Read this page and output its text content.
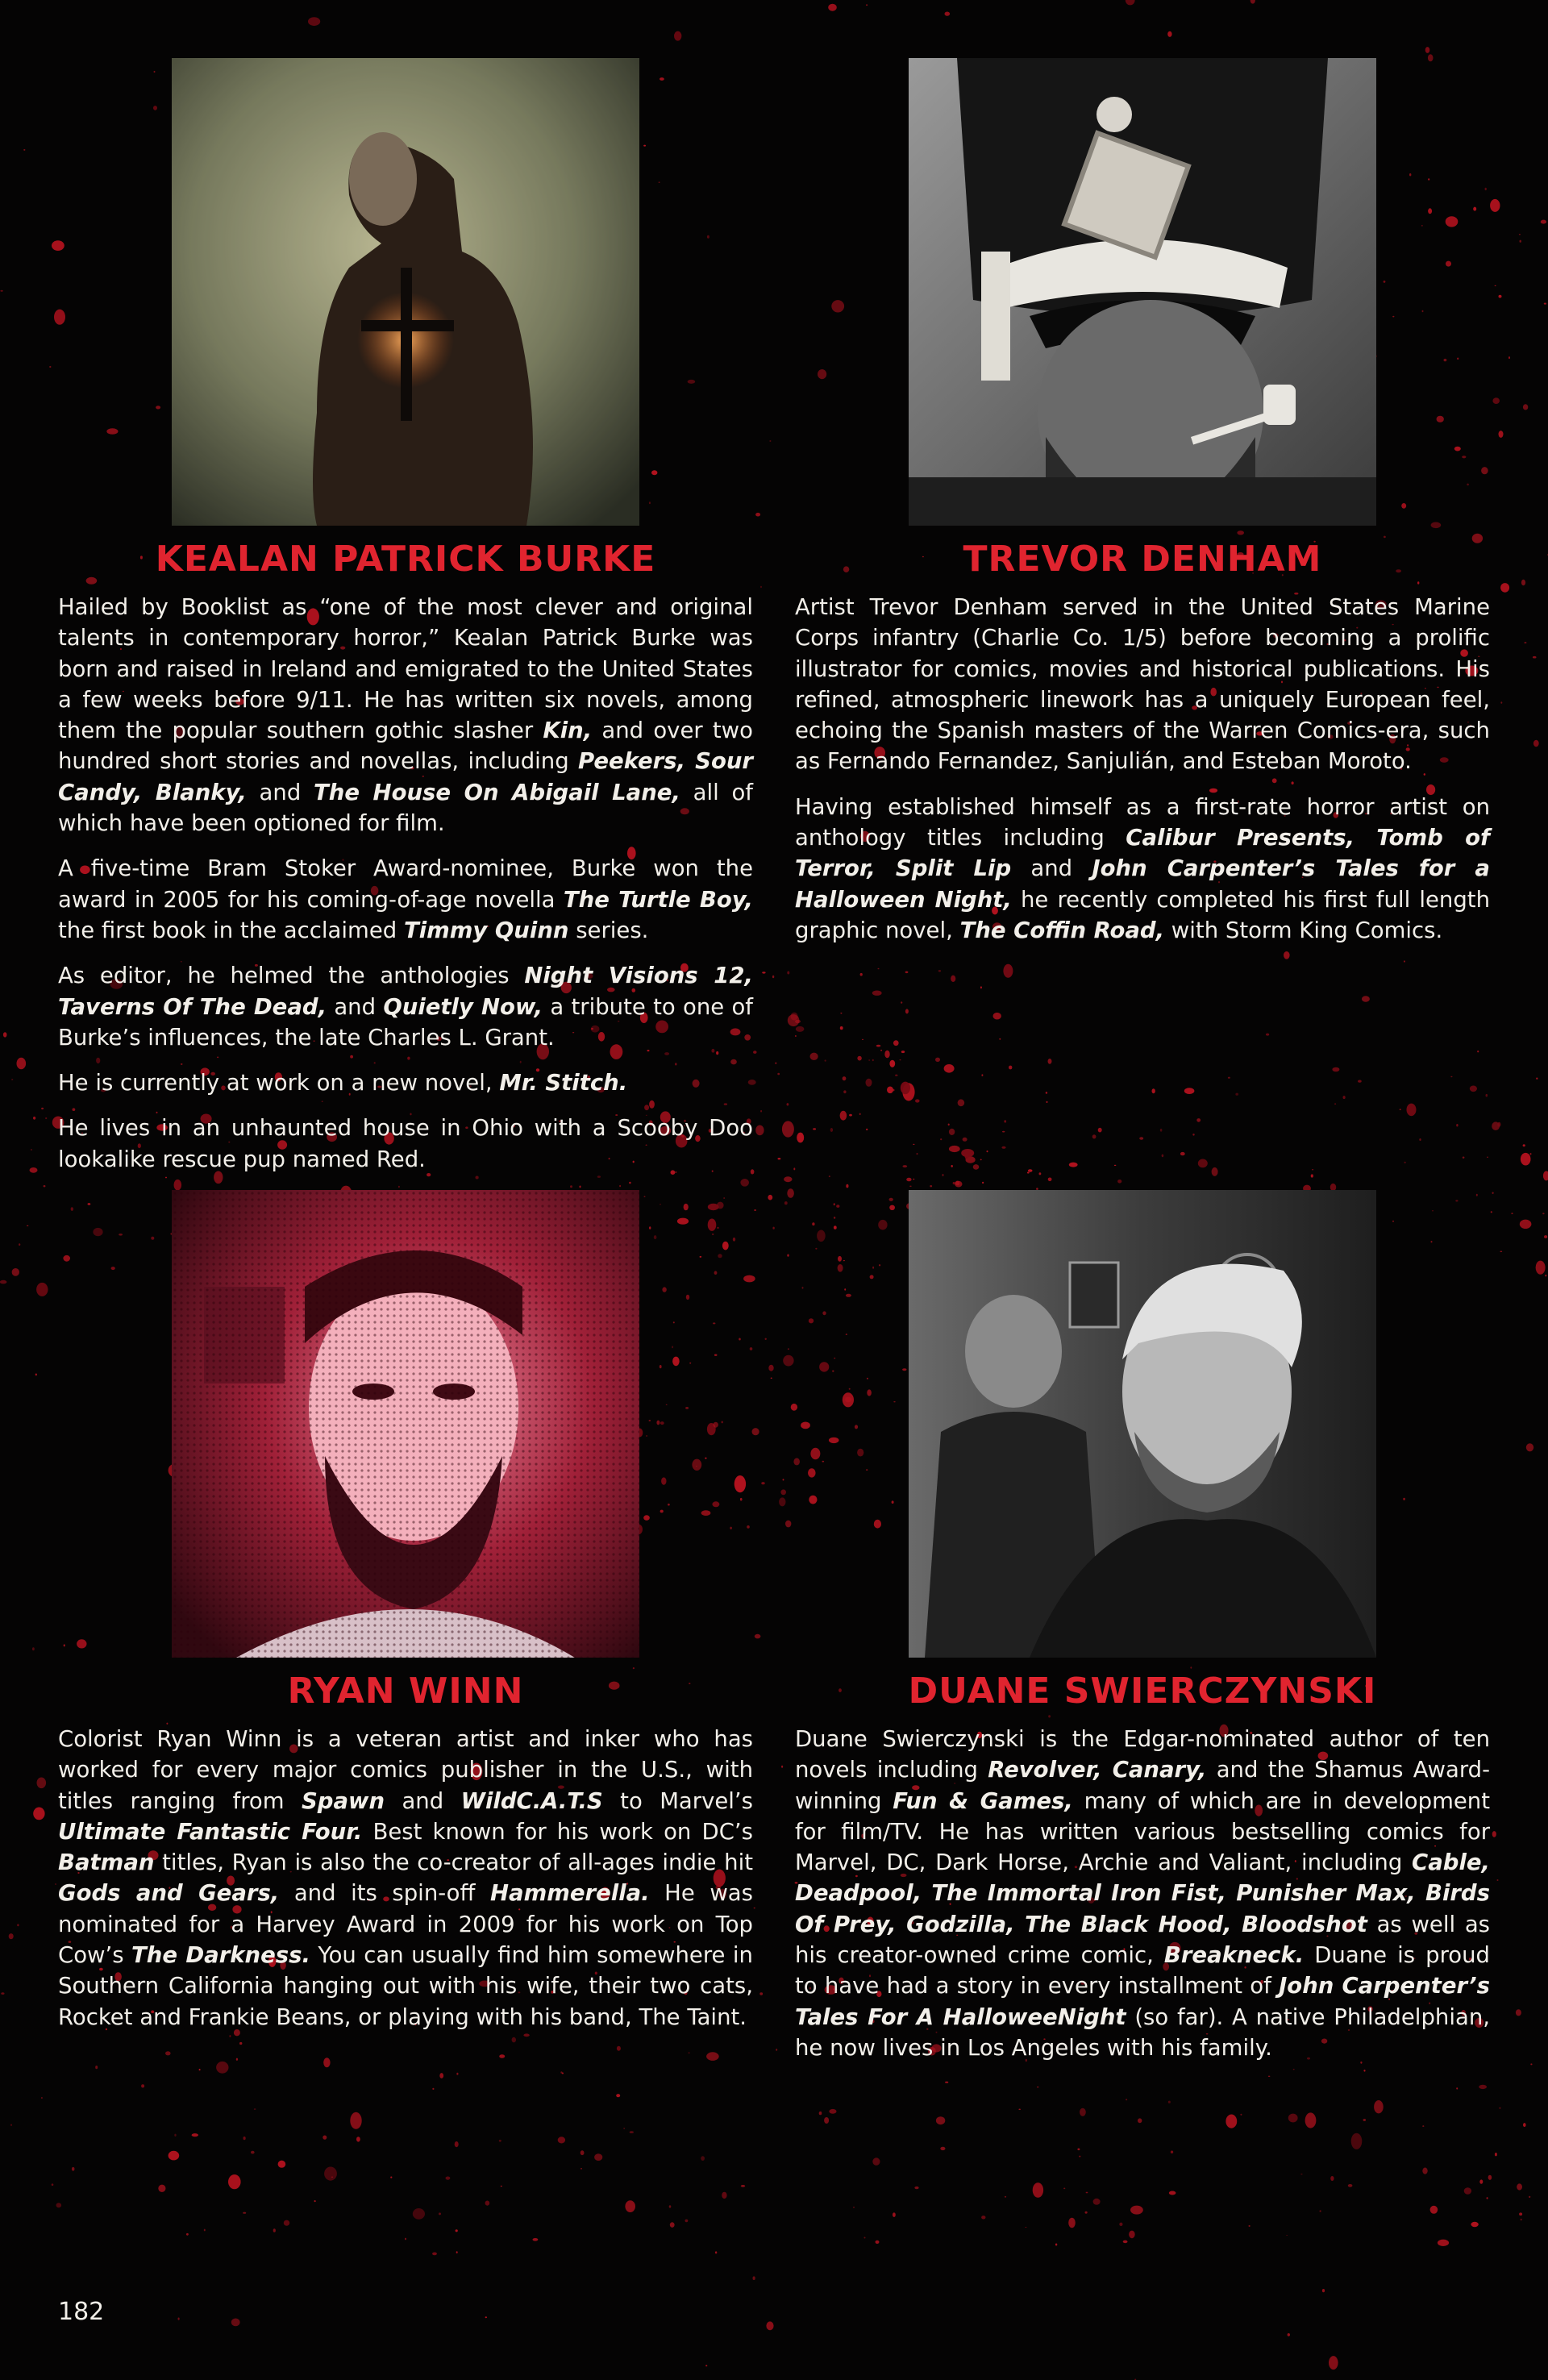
KEALAN PATRICK BURKE

Hailed by Booklist as “one of the most clever and original talents in contemporary horror,” Kealan Patrick Burke was born and raised in Ireland and emigrated to the United States a few weeks before 9/11. He has written six novels, among them the popular southern gothic slasher Kin, and over two hundred short stories and novellas, including Peekers, Sour Candy, Blanky, and The House On Abigail Lane, all of which have been optioned for film.

A five-time Bram Stoker Award-nominee, Burke won the award in 2005 for his coming-of-age novella The Turtle Boy, the first book in the acclaimed Timmy Quinn series.

As editor, he helmed the anthologies Night Visions 12, Taverns Of The Dead, and Quietly Now, a tribute to one of Burke’s influences, the late Charles L. Grant.

He is currently at work on a new novel, Mr. Stitch.

He lives in an unhaunted house in Ohio with a Scooby Doo lookalike rescue pup named Red.

TREVOR DENHAM

Artist Trevor Denham served in the United States Marine Corps infantry (Charlie Co. 1/5) before becoming a prolific illustrator for comics, movies and historical publications. His refined, atmospheric linework has a uniquely European feel, echoing the Spanish masters of the Warren Comics-era, such as Fernando Fernandez, Sanjulián, and Esteban Moroto.

Having established himself as a first-rate horror artist on anthology titles including Calibur Presents, Tomb of Terror, Split Lip and John Carpenter’s Tales for a Halloween Night, he recently completed his first full length graphic novel, The Coffin Road, with Storm King Comics.

RYAN WINN

Colorist Ryan Winn is a veteran artist and inker who has worked for every major comics publisher in the U.S., with titles ranging from Spawn and WildC.A.T.S to Marvel’s Ultimate Fantastic Four. Best known for his work on DC’s Batman titles, Ryan is also the co-creator of all-ages indie hit Gods and Gears, and its spin-off Hammerella. He was nominated for a Harvey Award in 2009 for his work on Top Cow’s The Darkness. You can usually find him somewhere in Southern California hanging out with his wife, their two cats, Rocket and Frankie Beans, or playing with his band, The Taint.

DUANE SWIERCZYNSKI

Duane Swierczynski is the Edgar-nominated author of ten novels including Revolver, Canary, and the Shamus Award-winning Fun & Games, many of which are in development for film/TV. He has written various bestselling comics for Marvel, DC, Dark Horse, Archie and Valiant, including Cable, Deadpool, The Immortal Iron Fist, Punisher Max, Birds Of Prey, Godzilla, The Black Hood, Bloodshot as well as his creator-owned crime comic, Breakneck. Duane is proud to have had a story in every installment of John Carpenter’s Tales For A HalloweeNight (so far). A native Philadelphian, he now lives in Los Angeles with his family.

182
